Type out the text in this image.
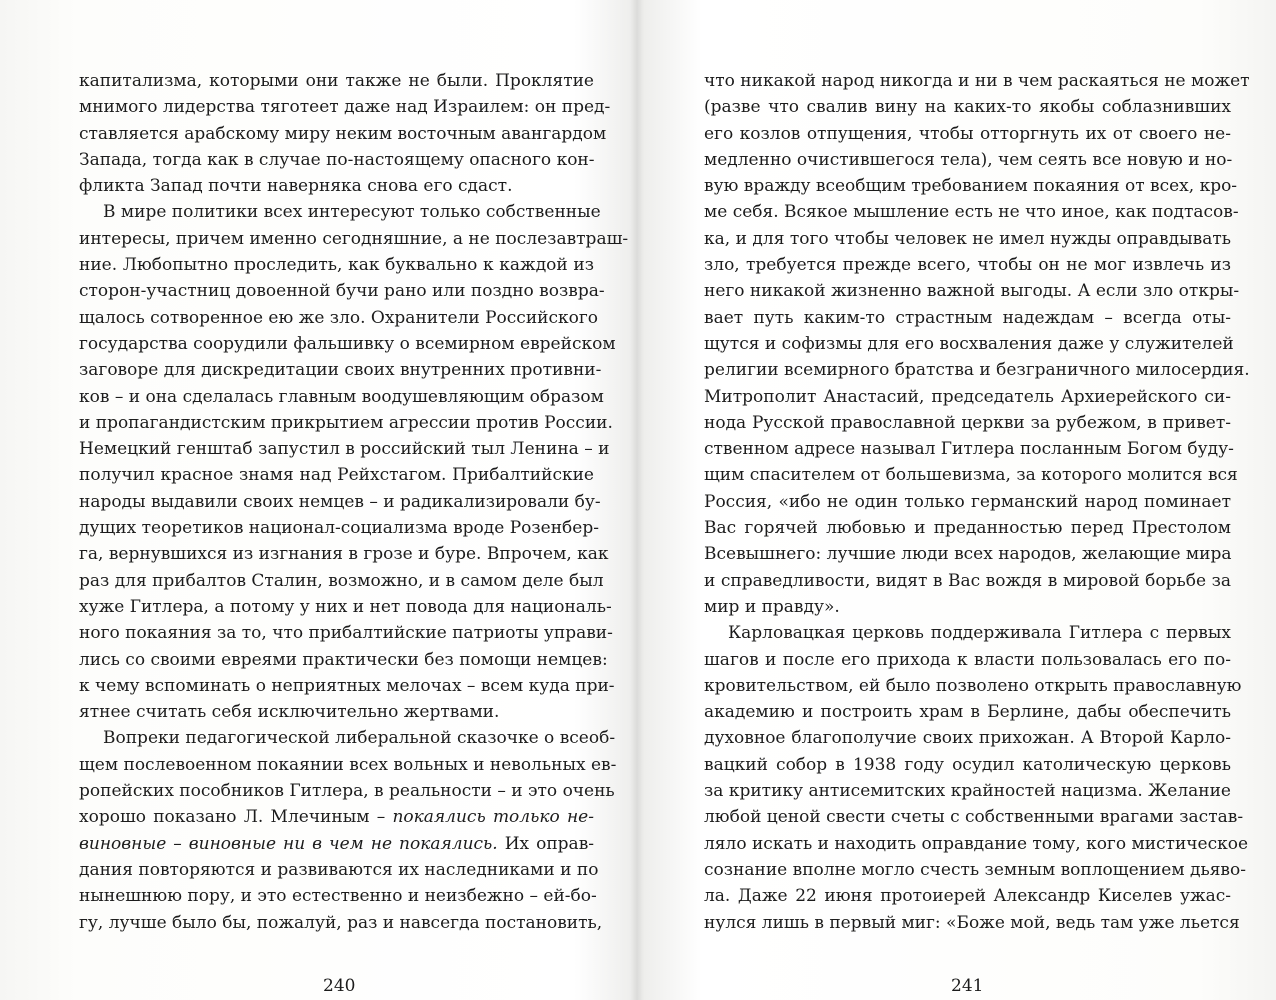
капитализма, которыми они также не были. Проклятие
мнимого лидерства тяготеет даже над Израилем: он пред-
ставляется арабскому миру неким восточным авангардом
Запада, тогда как в случае по-настоящему опасного кон-
фликта Запад почти наверняка снова его сдаст.
В мире политики всех интересуют только собственные
интересы, причем именно сегодняшние, а не послезавтраш-
ние. Любопытно проследить, как буквально к каждой из
сторон-участниц довоенной бучи рано или поздно возвра-
щалось сотворенное ею же зло. Охранители Российского
государства соорудили фальшивку о всемирном еврейском
заговоре для дискредитации своих внутренних противни-
ков – и она сделалась главным воодушевляющим образом
и пропагандистским прикрытием агрессии против России.
Немецкий генштаб запустил в российский тыл Ленина – и
получил красное знамя над Рейхстагом. Прибалтийские
народы выдавили своих немцев – и радикализировали бу-
дущих теоретиков национал-социализма вроде Розенбер-
га, вернувшихся из изгнания в грозе и буре. Впрочем, как
раз для прибалтов Сталин, возможно, и в самом деле был
хуже Гитлера, а потому у них и нет повода для националь-
ного покаяния за то, что прибалтийские патриоты управи-
лись со своими евреями практически без помощи немцев:
к чему вспоминать о неприятных мелочах – всем куда при-
ятнее считать себя исключительно жертвами.
Вопреки педагогической либеральной сказочке о всеоб-
щем послевоенном покаянии всех вольных и невольных ев-
ропейских пособников Гитлера, в реальности – и это очень
хорошо показано Л. Млечиным – покаялись только не-
виновные – виновные ни в чем не покаялись. Их оправ-
дания повторяются и развиваются их наследниками и по
нынешнюю пору, и это естественно и неизбежно – ей-бо-
гу, лучше было бы, пожалуй, раз и навсегда постановить,
240
что никакой народ никогда и ни в чем раскаяться не может
(разве что свалив вину на каких-то якобы соблазнивших
его козлов отпущения, чтобы отторгнуть их от своего не-
медленно очистившегося тела), чем сеять все новую и но-
вую вражду всеобщим требованием покаяния от всех, кро-
ме себя. Всякое мышление есть не что иное, как подтасов-
ка, и для того чтобы человек не имел нужды оправдывать
зло, требуется прежде всего, чтобы он не мог извлечь из
него никакой жизненно важной выгоды. А если зло откры-
вает путь каким-то страстным надеждам – всегда оты-
щутся и софизмы для его восхваления даже у служителей
религии всемирного братства и безграничного милосердия.
Митрополит Анастасий, председатель Архиерейского си-
нода Русской православной церкви за рубежом, в привет-
ственном адресе называл Гитлера посланным Богом буду-
щим спасителем от большевизма, за которого молится вся
Россия, «ибо не один только германский народ поминает
Вас горячей любовью и преданностью перед Престолом
Всевышнего: лучшие люди всех народов, желающие мира
и справедливости, видят в Вас вождя в мировой борьбе за
мир и правду».
Карловацкая церковь поддерживала Гитлера с первых
шагов и после его прихода к власти пользовалась его по-
кровительством, ей было позволено открыть православную
академию и построить храм в Берлине, дабы обеспечить
духовное благополучие своих прихожан. А Второй Карло-
вацкий собор в 1938 году осудил католическую церковь
за критику антисемитских крайностей нацизма. Желание
любой ценой свести счеты с собственными врагами застав-
ляло искать и находить оправдание тому, кого мистическое
сознание вполне могло счесть земным воплощением дьяво-
ла. Даже 22 июня протоиерей Александр Киселев ужас-
нулся лишь в первый миг: «Боже мой, ведь там уже льется
241
